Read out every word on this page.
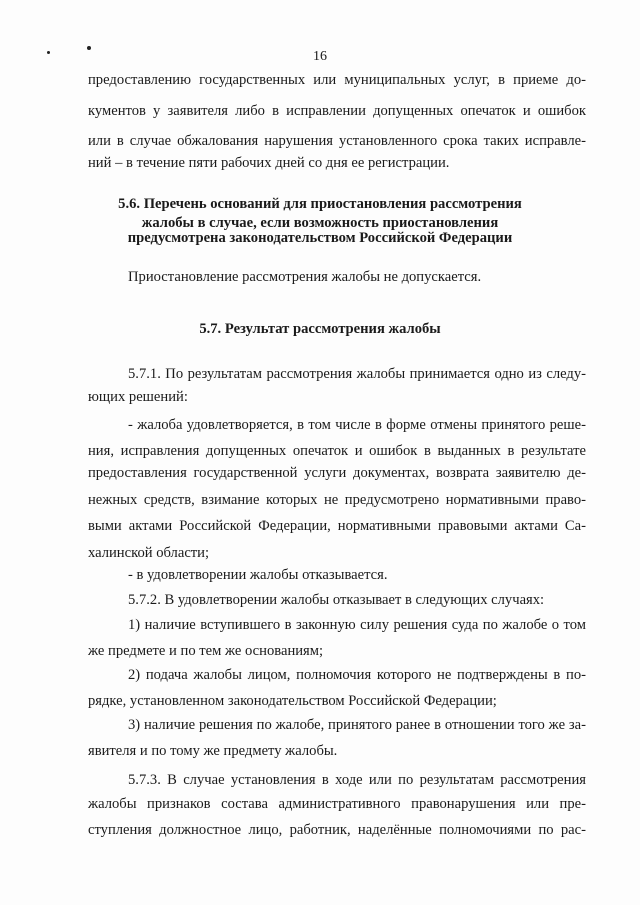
16
предоставлению государственных или муниципальных услуг, в приеме до-
кументов у заявителя либо в исправлении допущенных опечаток и ошибок
или в случае обжалования нарушения установленного срока таких исправле-
ний – в течение пяти рабочих дней со дня ее регистрации.
5.6. Перечень оснований для приостановления рассмотрения
жалобы в случае, если возможность приостановления
предусмотрена законодательством Российской Федерации
Приостановление рассмотрения жалобы не допускается.
5.7. Результат рассмотрения жалобы
5.7.1. По результатам рассмотрения жалобы принимается одно из следу-
ющих решений:
- жалоба удовлетворяется, в том числе в форме отмены принятого реше-
ния, исправления допущенных опечаток и ошибок в выданных в результате
предоставления государственной услуги документах, возврата заявителю де-
нежных средств, взимание которых не предусмотрено нормативными право-
выми актами Российской Федерации, нормативными правовыми актами Са-
халинской области;
- в удовлетворении жалобы отказывается.
5.7.2. В удовлетворении жалобы отказывает в следующих случаях:
1) наличие вступившего в законную силу решения суда по жалобе о том
же предмете и по тем же основаниям;
2) подача жалобы лицом, полномочия которого не подтверждены в по-
рядке, установленном законодательством Российской Федерации;
3) наличие решения по жалобе, принятого ранее в отношении того же за-
явителя и по тому же предмету жалобы.
5.7.3. В случае установления в ходе или по результатам рассмотрения
жалобы признаков состава административного правонарушения или пре-
ступления должностное лицо, работник, наделённые полномочиями по рас-
